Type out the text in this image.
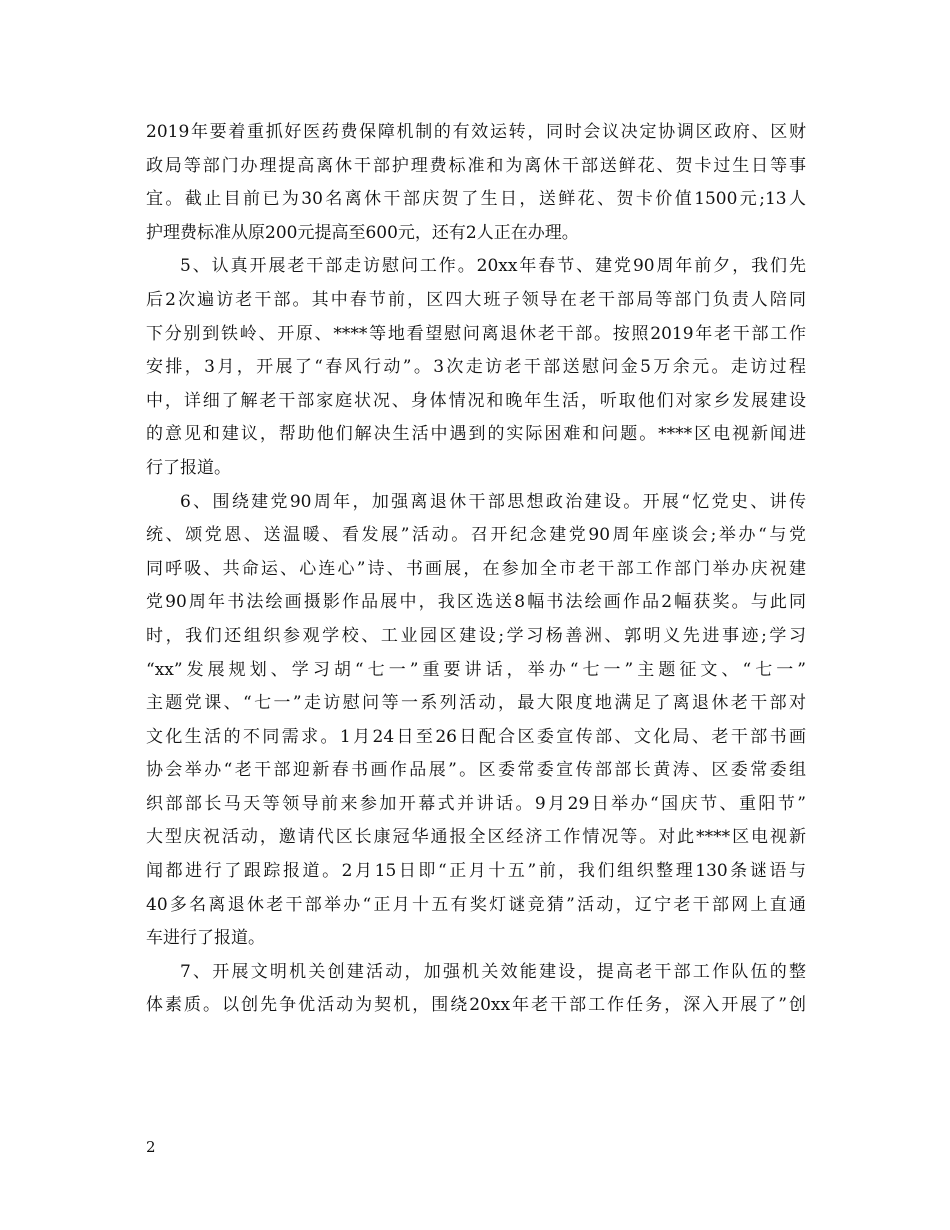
2019年要着重抓好医药费保障机制的有效运转，同时会议决定协调区政府、区财
政局等部门办理提高离休干部护理费标准和为离休干部送鲜花、贺卡过生日等事
宜。截止目前已为30名离休干部庆贺了生日，送鲜花、贺卡价值1500元;13人
护理费标准从原200元提高至600元，还有2人正在办理。
5、认真开展老干部走访慰问工作。20xx年春节、建党90周年前夕，我们先
后2次遍访老干部。其中春节前，区四大班子领导在老干部局等部门负责人陪同
下分别到铁岭、开原、****等地看望慰问离退休老干部。按照2019年老干部工作
安排，3月，开展了“春风行动”。3次走访老干部送慰问金5万余元。走访过程
中，详细了解老干部家庭状况、身体情况和晚年生活，听取他们对家乡发展建设
的意见和建议，帮助他们解决生活中遇到的实际困难和问题。****区电视新闻进
行了报道。
6、围绕建党90周年，加强离退休干部思想政治建设。开展“忆党史、讲传
统、颂党恩、送温暖、看发展”活动。召开纪念建党90周年座谈会;举办“与党
同呼吸、共命运、心连心”诗、书画展，在参加全市老干部工作部门举办庆祝建
党90周年书法绘画摄影作品展中，我区选送8幅书法绘画作品2幅获奖。与此同
时，我们还组织参观学校、工业园区建设;学习杨善洲、郭明义先进事迹;学习
“xx”发展规划、学习胡“七一”重要讲话，举办“七一”主题征文、“七一”
主题党课、“七一”走访慰问等一系列活动，最大限度地满足了离退休老干部对
文化生活的不同需求。1月24日至26日配合区委宣传部、文化局、老干部书画
协会举办“老干部迎新春书画作品展”。区委常委宣传部部长黄涛、区委常委组
织部部长马天等领导前来参加开幕式并讲话。9月29日举办“国庆节、重阳节”
大型庆祝活动，邀请代区长康冠华通报全区经济工作情况等。对此****区电视新
闻都进行了跟踪报道。2月15日即“正月十五”前，我们组织整理130条谜语与
40多名离退休老干部举办“正月十五有奖灯谜竞猜”活动，辽宁老干部网上直通
车进行了报道。
7、开展文明机关创建活动，加强机关效能建设，提高老干部工作队伍的整
体素质。以创先争优活动为契机，围绕20xx年老干部工作任务，深入开展了”创
2
